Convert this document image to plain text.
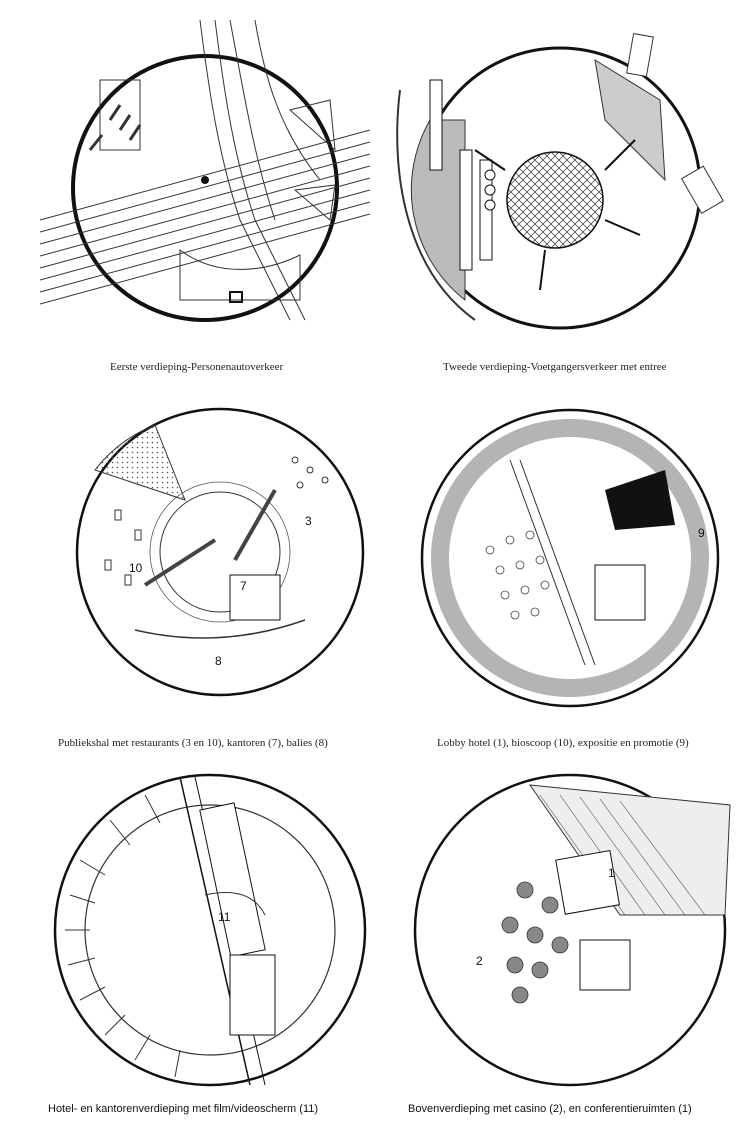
Eerste verdieping-Personenautoverkeer	Tweede verdieping-Voetgangersverkeer met entree
3
10
7
8
Publiekshal met restaurants (3 en 10), kantoren (7), balies (8)
9
Lobby hotel (1), bioscoop (10), expositie en promotie (9)
11
Hotel- en kantorenverdieping met film/videoscherm (11)
1
2
Bovenverdieping met casino (2), en conferentieruimten (1)
